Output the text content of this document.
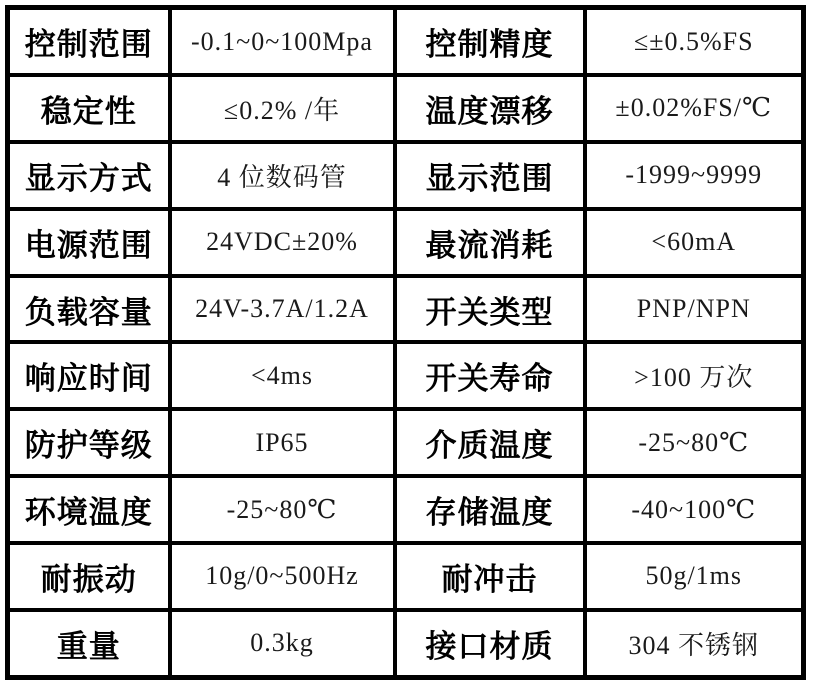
控制范围	-0.1~0~100Mpa	控制精度	≤±0.5%FS
稳定性	≤0.2% /年	温度漂移	±0.02%FS/℃
显示方式	4 位数码管	显示范围	-1999~9999
电源范围	24VDC±20%	最流消耗	<60mA
负载容量	24V-3.7A/1.2A	开关类型	PNP/NPN
响应时间	<4ms	开关寿命	>100 万次
防护等级	IP65	介质温度	-25~80℃
环境温度	-25~80℃	存储温度	-40~100℃
耐振动	10g/0~500Hz	耐冲击	50g/1ms
重量	0.3kg	接口材质	304 不锈钢
